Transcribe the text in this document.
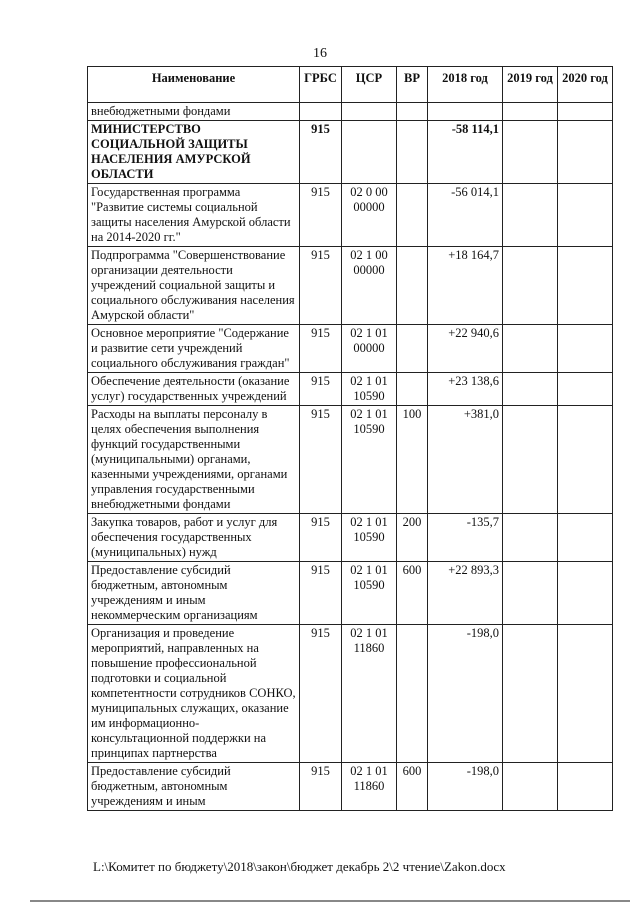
16
Наименование	ГРБС	ЦСР	ВР	2018 год	2019 год	2020 год

внебюджетными фондами						
МИНИСТЕРСТВО СОЦИАЛЬНОЙ ЗАЩИТЫ НАСЕЛЕНИЯ АМУРСКОЙ ОБЛАСТИ	915			-58 114,1		
Государственная программа "Развитие системы социальной защиты населения Амурской области на 2014-2020 гг."	915	02 0 00 00000		-56 014,1		
Подпрограмма "Совершенствование организации деятельности учреждений социальной защиты и социального обслуживания населения Амурской области"	915	02 1 00 00000		+18 164,7		
Основное мероприятие "Содержание и развитие сети учреждений социального обслуживания граждан"	915	02 1 01 00000		+22 940,6		
Обеспечение деятельности (оказание услуг) государственных учреждений	915	02 1 01 10590		+23 138,6		
Расходы на выплаты персоналу в целях обеспечения выполнения функций государственными (муниципальными) органами, казенными учреждениями, органами управления государственными внебюджетными фондами	915	02 1 01 10590	100	+381,0		
Закупка товаров, работ и услуг для обеспечения государственных (муниципальных) нужд	915	02 1 01 10590	200	-135,7		
Предоставление субсидий бюджетным, автономным учреждениям и иным некоммерческим организациям	915	02 1 01 10590	600	+22 893,3		
Организация и проведение мероприятий, направленных на повышение профессиональной подготовки и социальной компетентности сотрудников СОНКО, муниципальных служащих, оказание им информационно-консультационной поддержки на принципах партнерства	915	02 1 01 11860		-198,0		
Предоставление субсидий бюджетным, автономным учреждениям и иным	915	02 1 01 11860	600	-198,0		
L:\Комитет по бюджету\2018\закон\бюджет декабрь 2\2 чтение\Zakon.docx
